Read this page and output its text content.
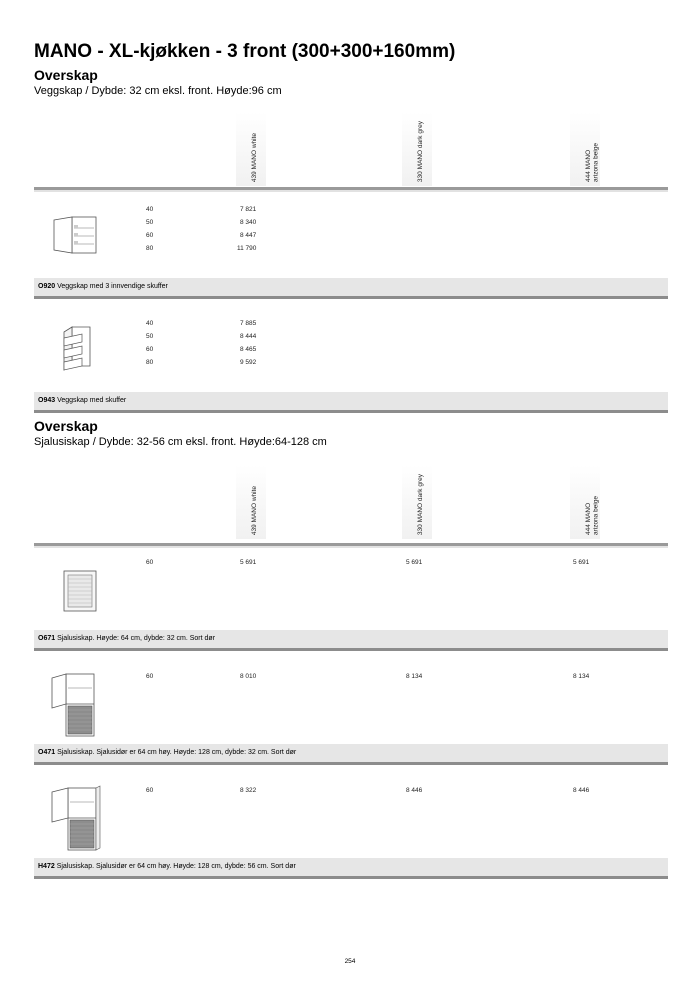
MANO - XL-kjøkken - 3 front (300+300+160mm)
Overskap
Veggskap / Dybde: 32 cm eksl. front. Høyde:96 cm
439 MANO white	330 MANO dark grey	444 MANO
arizona beige
40	7 821
50	8 340
60	8 447
80	11 790
O920 Veggskap med 3 innvendige skuffer
40	7 885
50	8 444
60	8 465
80	9 592
O943 Veggskap med skuffer
Overskap
Sjalusiskap / Dybde: 32-56 cm eksl. front. Høyde:64-128 cm
439 MANO white	330 MANO dark grey	444 MANO
arizona beige
60	5 691	5 691	5 691
O671 Sjalusiskap. Høyde: 64 cm, dybde: 32 cm. Sort dør
60	8 010	8 134	8 134
O471 Sjalusiskap. Sjalusidør er 64 cm høy. Høyde: 128 cm, dybde: 32 cm. Sort dør
60	8 322	8 446	8 446
H472 Sjalusiskap. Sjalusidør er 64 cm høy. Høyde: 128 cm, dybde: 56 cm. Sort dør
254
